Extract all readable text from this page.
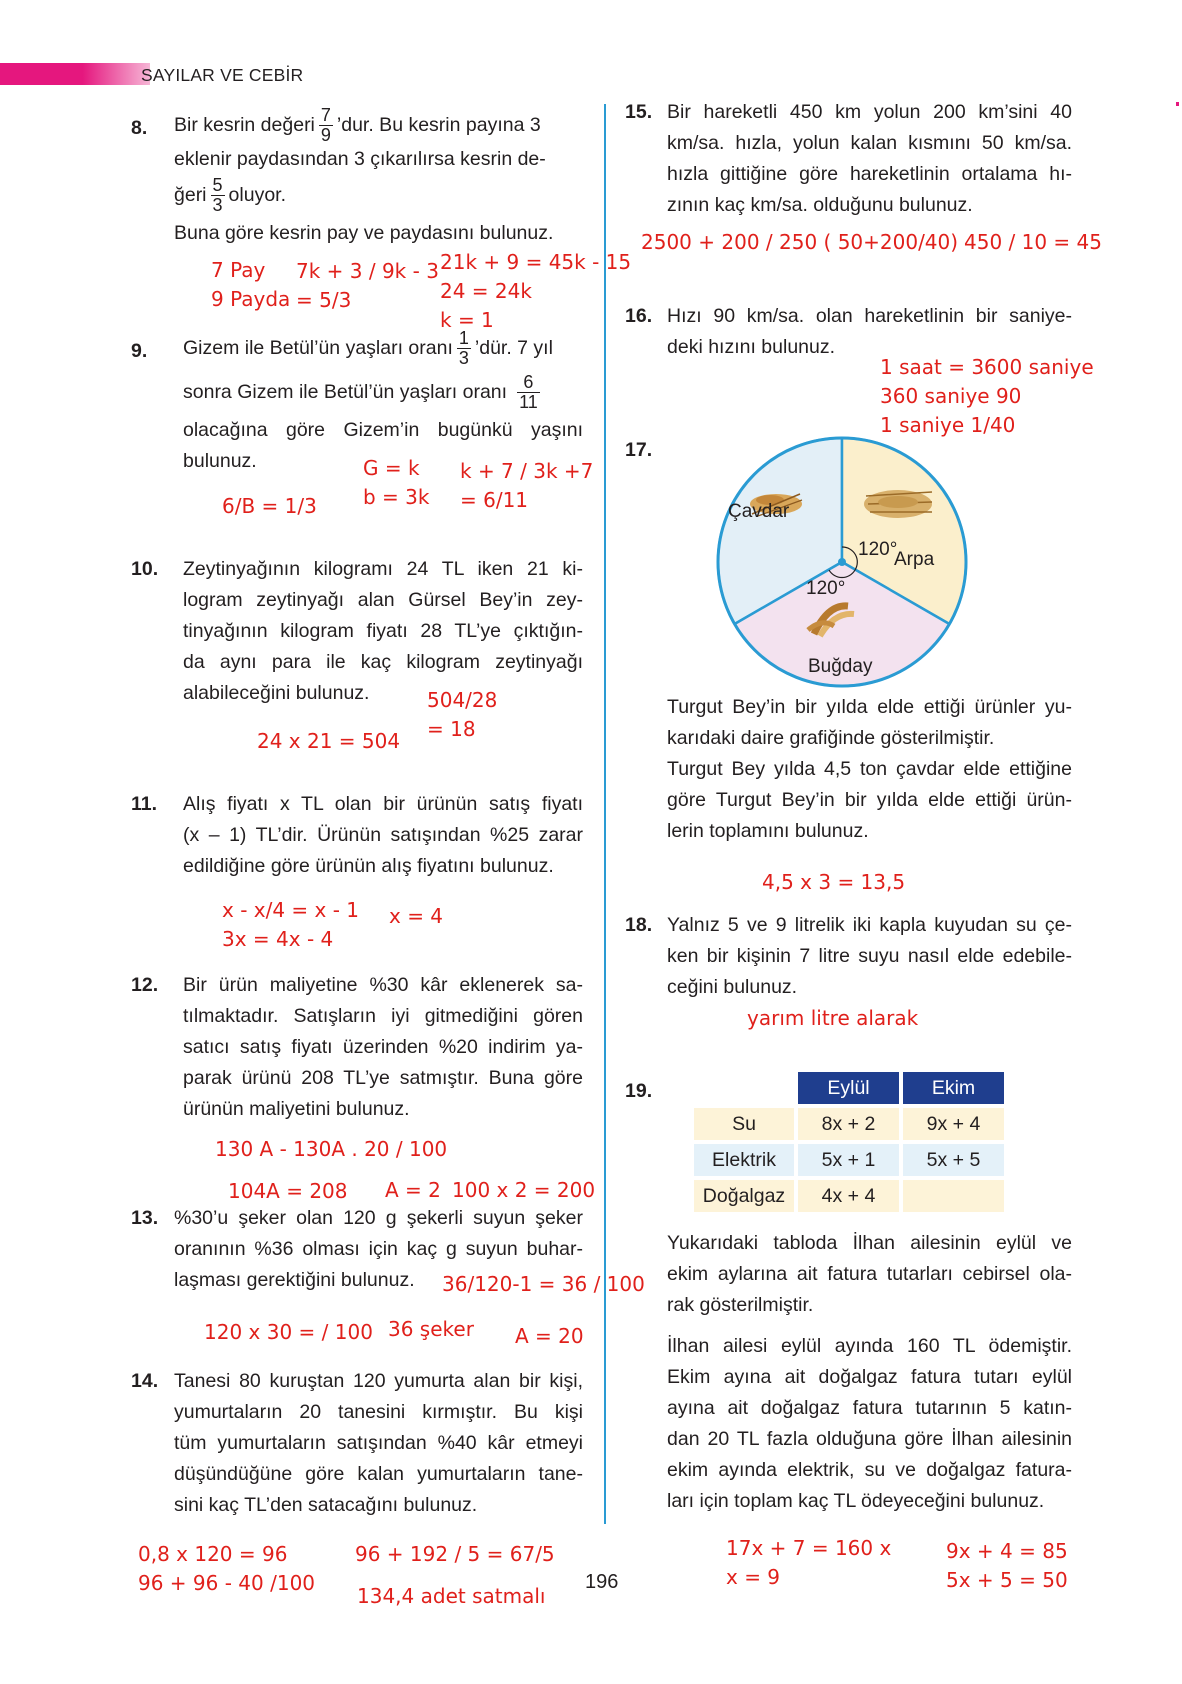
SAYILAR VE CEBİR
8. Bir kesrin değeri $\frac{7}{9}$ ’dur. Bu kesrin payına 3
eklenir paydasından 3 çıkarılırsa kesrin de-
ğeri $\frac{5}{3}$ oluyor.
Buna göre kesrin pay ve paydasını bulunuz.
7 Pay
9 Payda
7k + 3 / 9k - 3
= 5/3
21k + 9 = 45k - 15
24 = 24k
k = 1
9. Gizem ile Betül’ün yaşları oranı $\frac{1}{3}$ ’dür. 7 yıl
sonra Gizem ile Betül’ün yaşları oranı $\frac{6}{11}$
olacağına göre Gizem’in bugünkü yaşını
bulunuz.	G = k
b = 3k
k + 7 / 3k +7
= 6/11
6/B = 1/3
10. Zeytinyağının kilogramı 24 TL iken 21 ki-
logram zeytinyağı alan Gürsel Bey’in zey-
tinyağının kilogram fiyatı 28 TL’ye çıktığın-
da aynı para ile kaç kilogram zeytinyağı
alabileceğini bulunuz.	504/28
= 18
24 x 21 = 504
11. Alış fiyatı x TL olan bir ürünün satış fiyatı
(x – 1) TL’dir. Ürünün satışından %25 zarar
edildiğine göre ürünün alış fiyatını bulunuz.
x - x/4 = x - 1
3x = 4x - 4
x = 4
12. Bir ürün maliyetine %30 kâr eklenerek sa-
tılmaktadır. Satışların iyi gitmediğini gören
satıcı satış fiyatı üzerinden %20 indirim ya-
parak ürünü 208 TL’ye satmıştır. Buna göre
ürünün maliyetini bulunuz.
130 A - 130A . 20 / 100
104A = 208 A = 2 100 x 2 = 200
13. %30’u şeker olan 120 g şekerli suyun şeker
oranının %36 olması için kaç g suyun buhar-
laşması gerektiğini bulunuz. 36/120-1 = 36 / 100
120 x 30 = / 100 36 şeker A = 20
14. Tanesi 80 kuruştan 120 yumurta alan bir kişi,
yumurtaların 20 tanesini kırmıştır. Bu kişi
tüm yumurtaların satışından %40 kâr etmeyi
düşündüğüne göre kalan yumurtaların tane-
sini kaç TL’den satacağını bulunuz.
0,8 x 120 = 96
96 + 96 - 40 /100
96 + 192 / 5 = 67/5
134,4 adet satmalı
196
15. Bir hareketli 450 km yolun 200 km’sini 40
km/sa. hızla, yolun kalan kısmını 50 km/sa.
hızla gittiğine göre hareketlinin ortalama hı-
zının kaç km/sa. olduğunu bulunuz.
2500 + 200 / 250 ( 50+200/40) 450 / 10 = 45
16. Hızı 90 km/sa. olan hareketlinin bir saniye-
deki hızını bulunuz.
1 saat = 3600 saniye
360 saniye 90
1 saniye 1/40
17.
Çavdar
Arpa
Buğday
120°
120°
Turgut Bey’in bir yılda elde ettiği ürünler yu-
karıdaki daire grafiğinde gösterilmiştir.
Turgut Bey yılda 4,5 ton çavdar elde ettiğine
göre Turgut Bey’in bir yılda elde ettiği ürün-
lerin toplamını bulunuz.
4,5 x 3 = 13,5
18. Yalnız 5 ve 9 litrelik iki kapla kuyudan su çe-
ken bir kişinin 7 litre suyu nasıl elde edebile-
ceğini bulunuz.
yarım litre alarak
19.
		Eylül	Ekim
Su	8x + 2	9x + 4
Elektrik	5x + 1	5x + 5
Doğalgaz	4x + 4	
Yukarıdaki tabloda İlhan ailesinin eylül ve
ekim aylarına ait fatura tutarları cebirsel ola-
rak gösterilmiştir.
İlhan ailesi eylül ayında 160 TL ödemiştir.
Ekim ayına ait doğalgaz fatura tutarı eylül
ayına ait doğalgaz fatura tutarının 5 katın-
dan 20 TL fazla olduğuna göre İlhan ailesinin
ekim ayında elektrik, su ve doğalgaz fatura-
ları için toplam kaç TL ödeyeceğini bulunuz.
17x + 7 = 160 x
x = 9
9x + 4 = 85
5x + 5 = 50
